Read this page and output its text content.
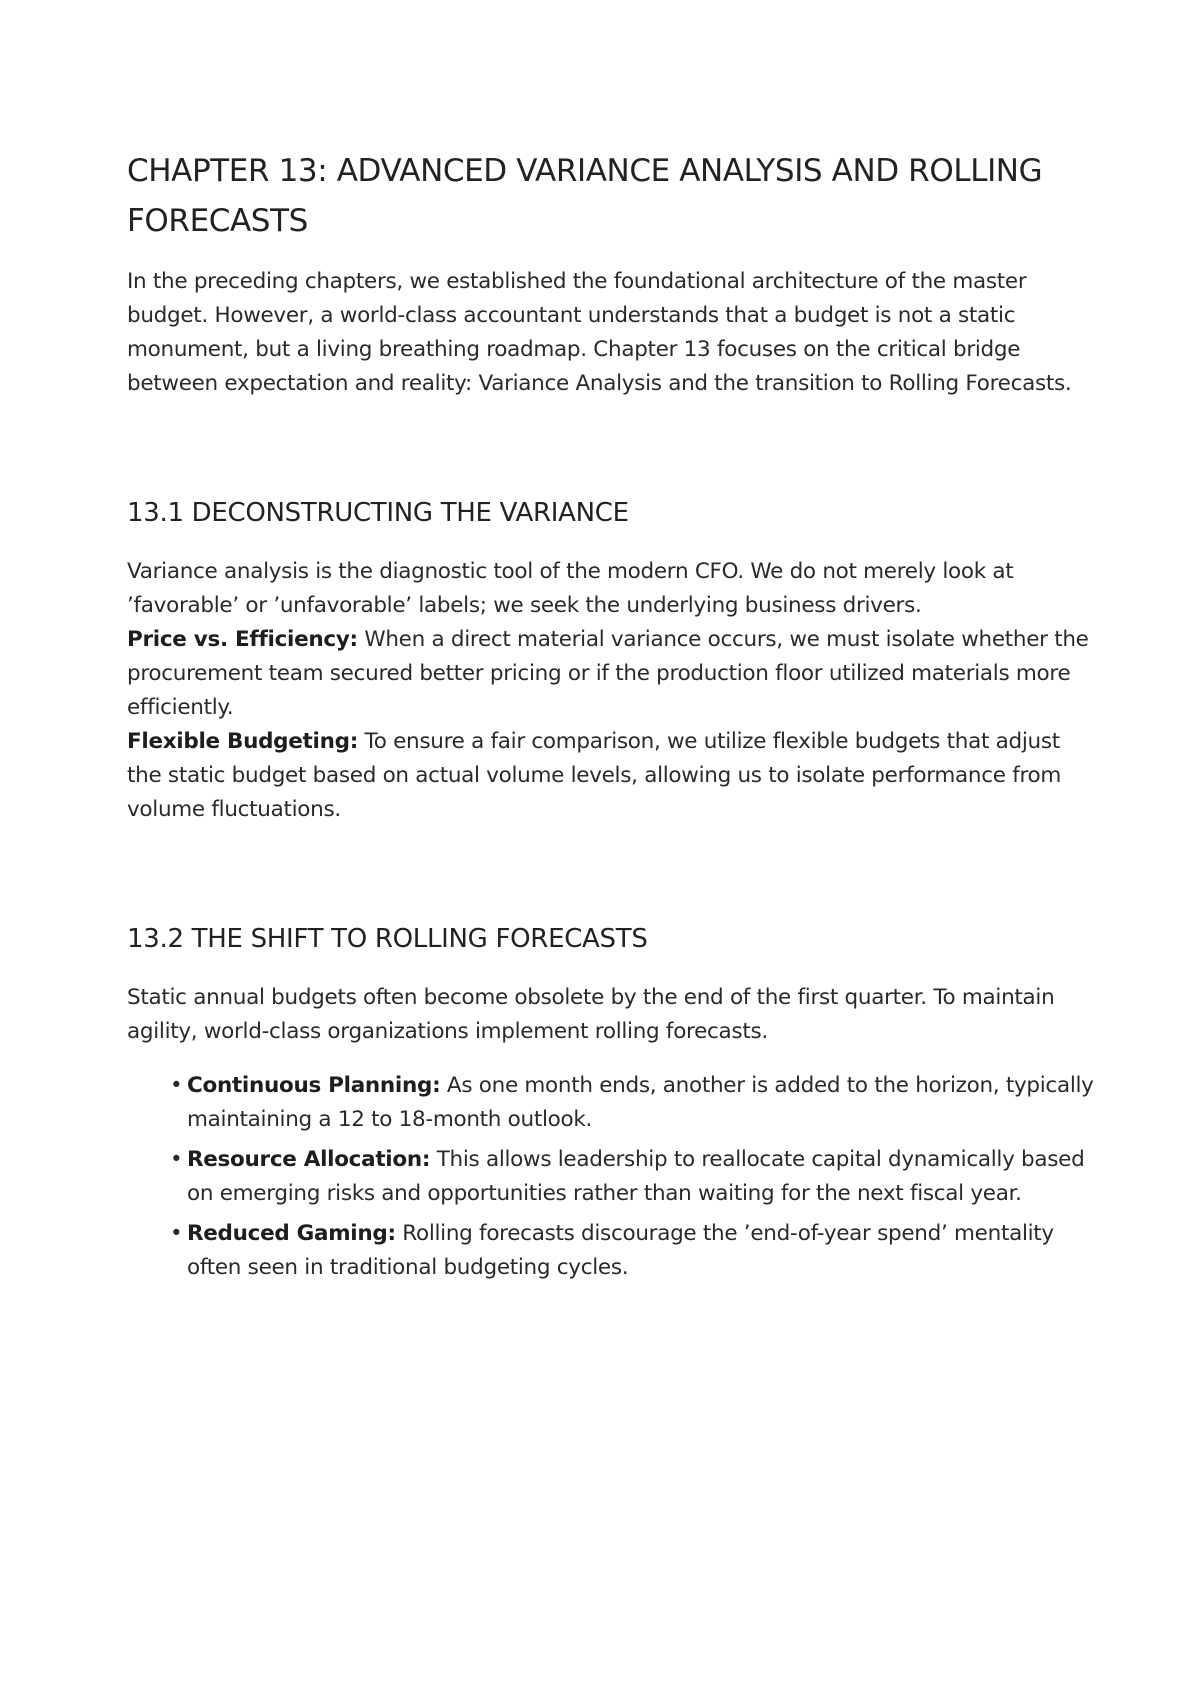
CHAPTER 13: ADVANCED VARIANCE ANALYSIS AND ROLLING FORECASTS

In the preceding chapters, we established the foundational architecture of the master budget. However, a world-class accountant understands that a budget is not a static monument, but a living breathing roadmap. Chapter 13 focuses on the critical bridge between expectation and reality: Variance Analysis and the transition to Rolling Forecasts.

13.1 DECONSTRUCTING THE VARIANCE

Variance analysis is the diagnostic tool of the modern CFO. We do not merely look at ’favorable’ or ’unfavorable’ labels; we seek the underlying business drivers.

Price vs. Efficiency: When a direct material variance occurs, we must isolate whether the procurement team secured better pricing or if the production floor utilized materials more efficiently.

Flexible Budgeting: To ensure a fair comparison, we utilize flexible budgets that adjust the static budget based on actual volume levels, allowing us to isolate performance from volume fluctuations.

13.2 THE SHIFT TO ROLLING FORECASTS

Static annual budgets often become obsolete by the end of the first quarter. To maintain agility, world-class organizations implement rolling forecasts.

• Continuous Planning: As one month ends, another is added to the horizon, typically maintaining a 12 to 18-month outlook.
• Resource Allocation: This allows leadership to reallocate capital dynamically based on emerging risks and opportunities rather than waiting for the next fiscal year.
• Reduced Gaming: Rolling forecasts discourage the ’end-of-year spend’ mentality often seen in traditional budgeting cycles.
